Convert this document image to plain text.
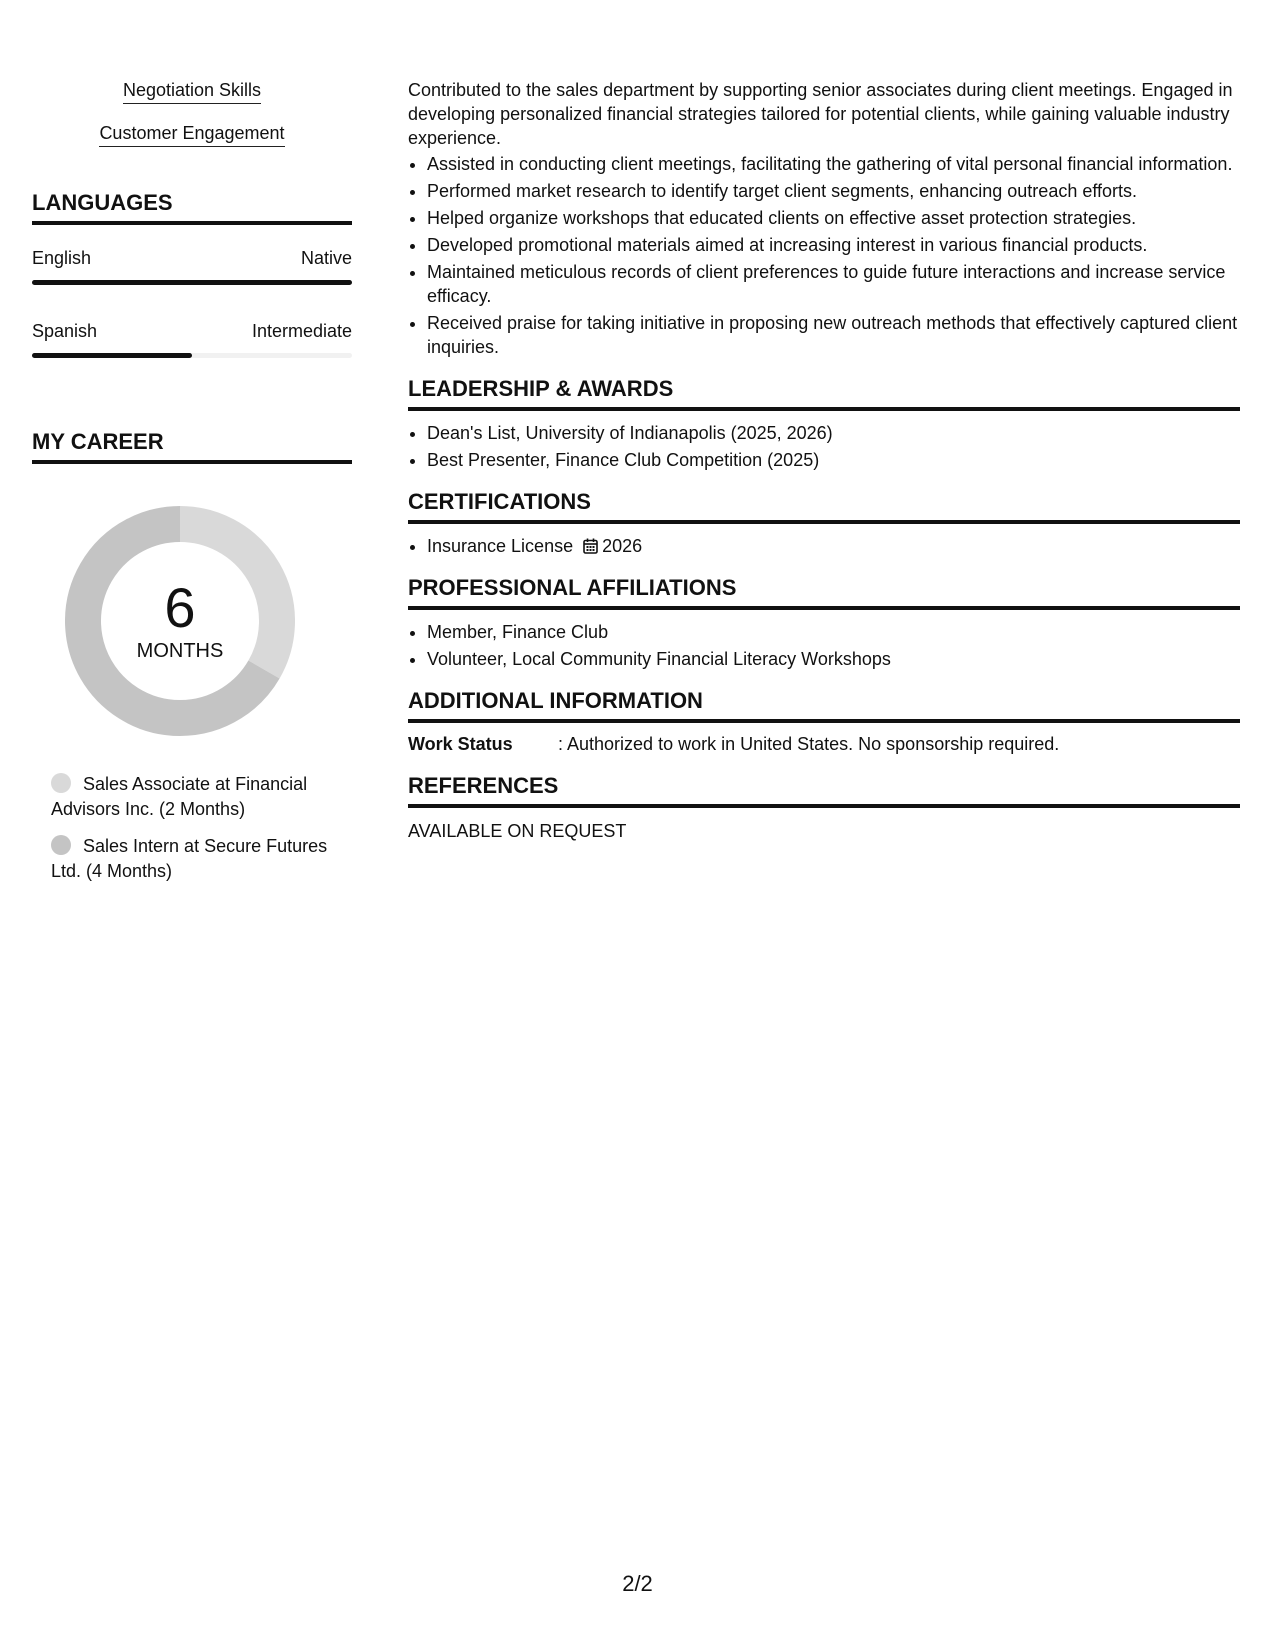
Negotiation Skills
Customer Engagement
LANGUAGES
English	Native
Spanish	Intermediate
MY CAREER
6
MONTHS
Sales Associate at Financial Advisors Inc. (2 Months)
Sales Intern at Secure Futures Ltd. (4 Months)

Contributed to the sales department by supporting senior associates during client meetings. Engaged in developing personalized financial strategies tailored for potential clients, while gaining valuable industry experience.

• Assisted in conducting client meetings, facilitating the gathering of vital personal financial information.
• Performed market research to identify target client segments, enhancing outreach efforts.
• Helped organize workshops that educated clients on effective asset protection strategies.
• Developed promotional materials aimed at increasing interest in various financial products.
• Maintained meticulous records of client preferences to guide future interactions and increase service efficacy.
• Received praise for taking initiative in proposing new outreach methods that effectively captured client inquiries.
LEADERSHIP & AWARDS
• Dean's List, University of Indianapolis (2025, 2026)
• Best Presenter, Finance Club Competition (2025)
CERTIFICATIONS
• Insurance License 2026
PROFESSIONAL AFFILIATIONS
• Member, Finance Club
• Volunteer, Local Community Financial Literacy Workshops
ADDITIONAL INFORMATION
Work Status	: Authorized to work in United States. No sponsorship required.
REFERENCES
AVAILABLE ON REQUEST
2/2
